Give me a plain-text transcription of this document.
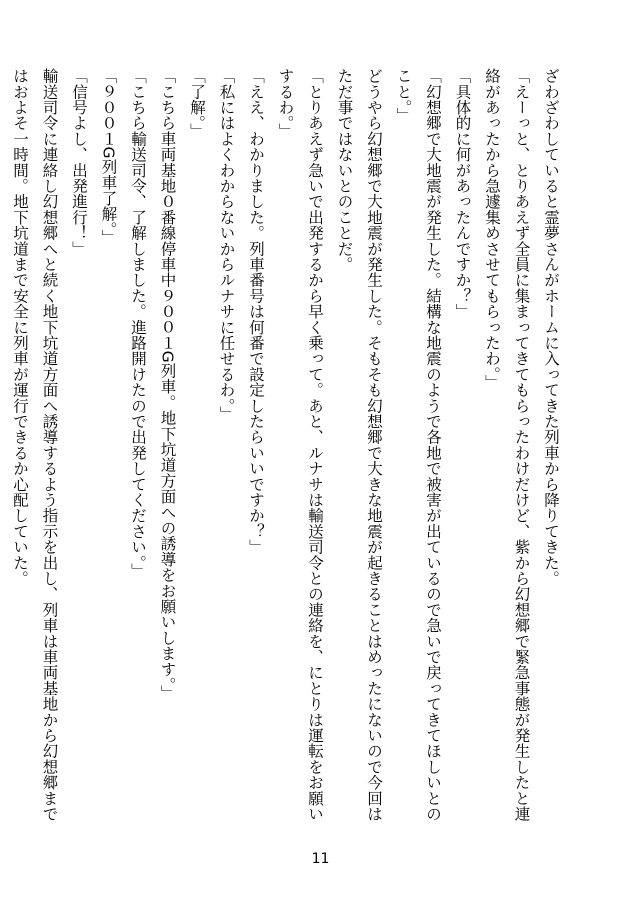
ざわざわしていると霊夢さんがホームに入ってきた列車から降りてきた。

「えーっと、とりあえず全員に集まってきてもらったわけだけど、紫から幻想郷で緊急事態が発生したと連絡があったから急遽集めさせてもらったわ。」

「具体的に何があったんですか？」

「幻想郷で大地震が発生した。結構な地震のようで各地で被害が出ているので急いで戻ってきてほしいとのこと。」

どうやら幻想郷で大地震が発生した。そもそも幻想郷で大きな地震が起きることはめったにないので今回はただ事ではないとのことだ。

「とりあえず急いで出発するから早く乗って。あと、ルナサは輸送司令との連絡を、にとりは運転をお願いするわ。」

「ええ、わかりました。列車番号は何番で設定したらいいですか？」

「私にはよくわからないからルナサに任せるわ。」

「了解。」

「こちら車両基地０番線停車中９００１G列車。地下坑道方面への誘導をお願いします。」

「こちら輸送司令、了解しました。進路開けたので出発してください。」

「９００１G列車了解。」

「信号よし、出発進行！」

輸送司令に連絡し幻想郷へと続く地下坑道方面へ誘導するよう指示を出し、列車は車両基地から幻想郷まではおよそ一時間。地下坑道まで安全に列車が運行できるか心配していた。

11
